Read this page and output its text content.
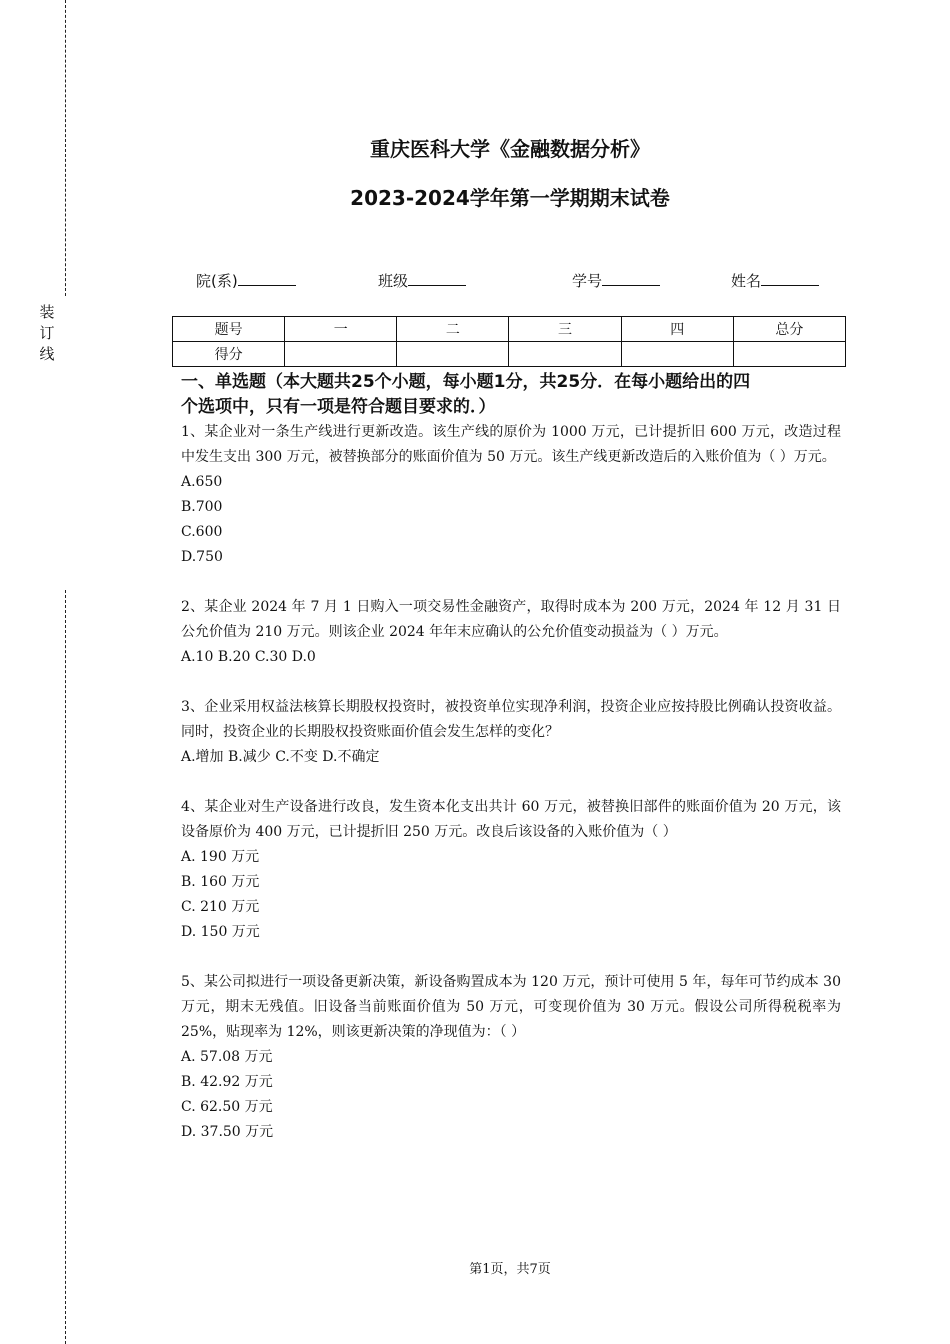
装订线
重庆医科大学《金融数据分析》
2023-2024学年第一学期期末试卷
院(系)	班级	学号	姓名
题号	一	二	三	四	总分
得分					

一、单选题（本大题共25个小题，每小题1分，共25分．在每小题给出的四

个选项中，只有一项是符合题目要求的．）

1、某企业对一条生产线进行更新改造。该生产线的原价为 1000 万元，已计提折旧 600 万元，改造过程中发生支出 300 万元，被替换部分的账面价值为 50 万元。该生产线更新改造后的入账价值为（ ）万元。

A.650

B.700

C.600

D.750

2、某企业 2024 年 7 月 1 日购入一项交易性金融资产，取得时成本为 200 万元，2024 年 12 月 31 日公允价值为 210 万元。则该企业 2024 年年末应确认的公允价值变动损益为（ ）万元。

A.10 B.20 C.30 D.0

3、企业采用权益法核算长期股权投资时，被投资单位实现净利润，投资企业应按持股比例确认投资收益。同时，投资企业的长期股权投资账面价值会发生怎样的变化？

A.增加 B.减少 C.不变 D.不确定

4、某企业对生产设备进行改良，发生资本化支出共计 60 万元，被替换旧部件的账面价值为 20 万元，该设备原价为 400 万元，已计提折旧 250 万元。改良后该设备的入账价值为（ ）

A. 190 万元

B. 160 万元

C. 210 万元

D. 150 万元

5、某公司拟进行一项设备更新决策，新设备购置成本为 120 万元，预计可使用 5 年，每年可节约成本 30 万元，期末无残值。旧设备当前账面价值为 50 万元，可变现价值为 30 万元。假设公司所得税税率为 25%，贴现率为 12%，则该更新决策的净现值为：（ ）

A. 57.08 万元

B. 42.92 万元

C. 62.50 万元

D. 37.50 万元

第1页，共7页
